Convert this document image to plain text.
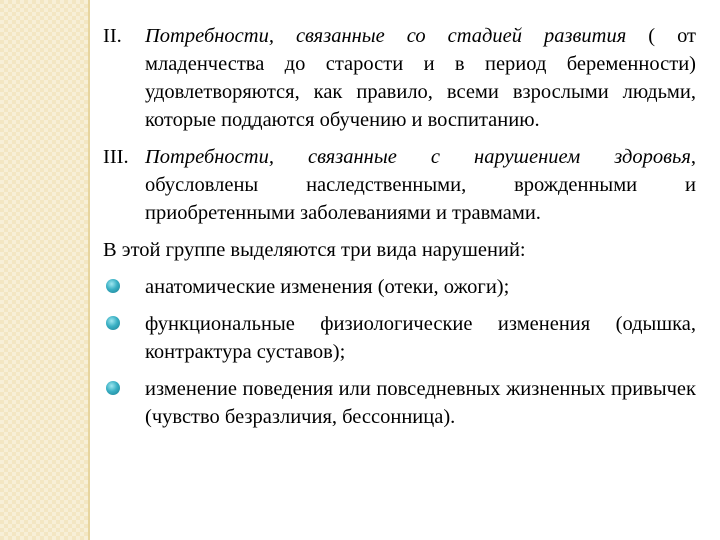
II. Потребности, связанные со стадией развития ( от младенчества до старости и в период беременности) удовлетворяются, как правило, всеми взрослыми людьми, которые поддаются обучению и воспитанию.

III. Потребности, связанные с нарушением здоровья, обусловлены наследственными, врожденными и приобретенными заболеваниями и травмами.

В этой группе выделяются три вида нарушений:

анатомические изменения (отеки, ожоги);
функциональные физиологические изменения (одышка, контрактура суставов);
изменение поведения или повседневных жизненных привычек (чувство безразличия, бессонница).
